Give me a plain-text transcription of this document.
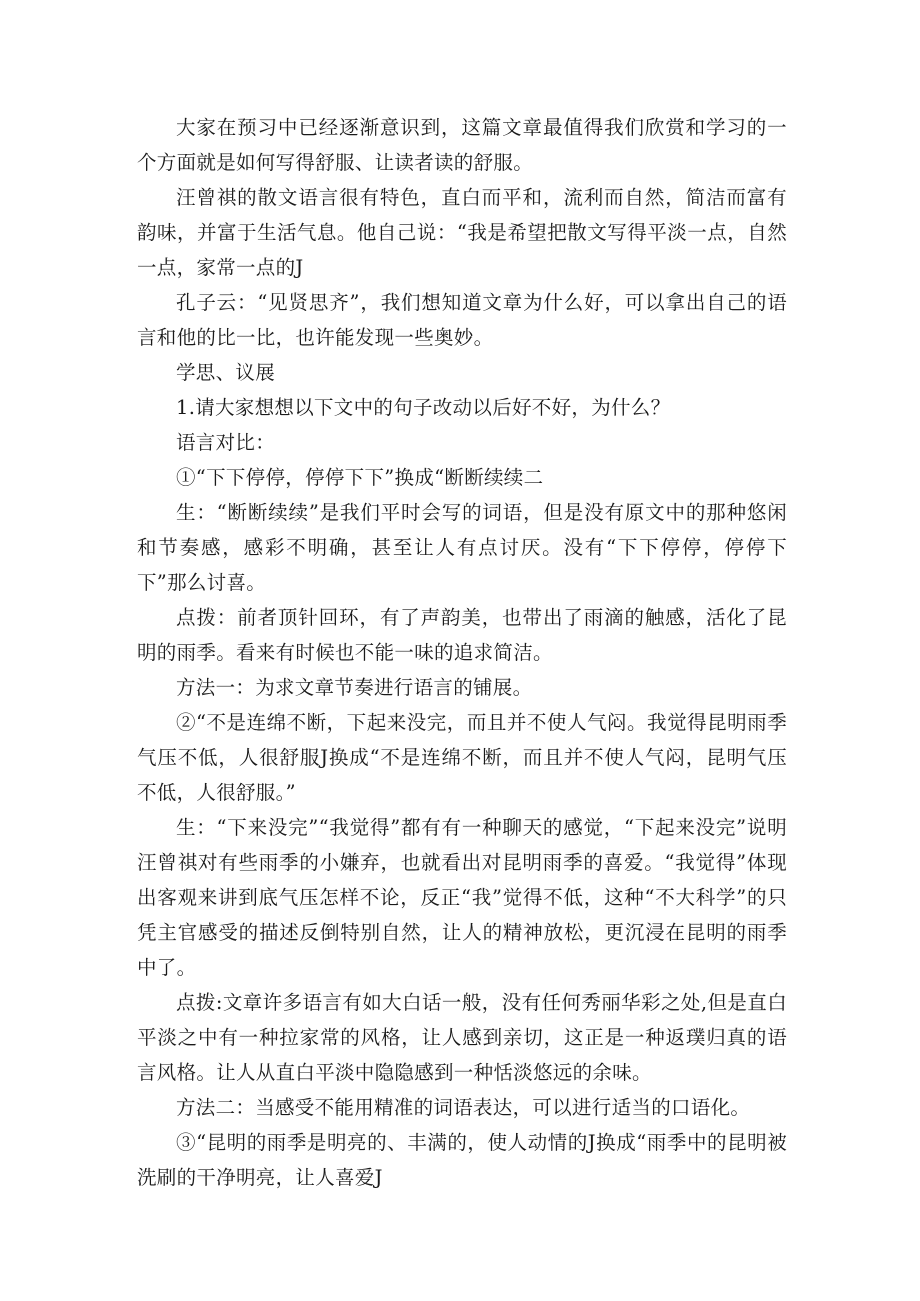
大家在预习中已经逐渐意识到，这篇文章最值得我们欣赏和学习的一个方面就是如何写得舒服、让读者读的舒服。

汪曾祺的散文语言很有特色，直白而平和，流利而自然，简洁而富有韵味，并富于生活气息。他自己说：“我是希望把散文写得平淡一点，自然一点，家常一点的J

孔子云：“见贤思齐”，我们想知道文章为什么好，可以拿出自己的语言和他的比一比，也许能发现一些奥妙。

学思、议展

1.请大家想想以下文中的句子改动以后好不好，为什么？

语言对比：

①“下下停停，停停下下”换成“断断续续二

生：“断断续续”是我们平时会写的词语，但是没有原文中的那种悠闲和节奏感，感彩不明确，甚至让人有点讨厌。没有“下下停停，停停下下”那么讨喜。

点拨：前者顶针回环，有了声韵美，也带出了雨滴的触感，活化了昆明的雨季。看来有时候也不能一味的追求简洁。

方法一：为求文章节奏进行语言的铺展。

②“不是连绵不断，下起来没完，而且并不使人气闷。我觉得昆明雨季气压不低，人很舒服J换成“不是连绵不断，而且并不使人气闷，昆明气压不低，人很舒服。”

生：“下来没完”“我觉得”都有有一种聊天的感觉，“下起来没完”说明汪曾祺对有些雨季的小嫌弃，也就看出对昆明雨季的喜爱。“我觉得”体现出客观来讲到底气压怎样不论，反正“我”觉得不低，这种“不大科学”的只凭主官感受的描述反倒特别自然，让人的精神放松，更沉浸在昆明的雨季中了。

点拨:文章许多语言有如大白话一般，没有任何秀丽华彩之处,但是直白平淡之中有一种拉家常的风格，让人感到亲切，这正是一种返璞归真的语言风格。让人从直白平淡中隐隐感到一种恬淡悠远的余味。

方法二：当感受不能用精准的词语表达，可以进行适当的口语化。

③“昆明的雨季是明亮的、丰满的，使人动情的J换成“雨季中的昆明被洗刷的干净明亮，让人喜爱J
